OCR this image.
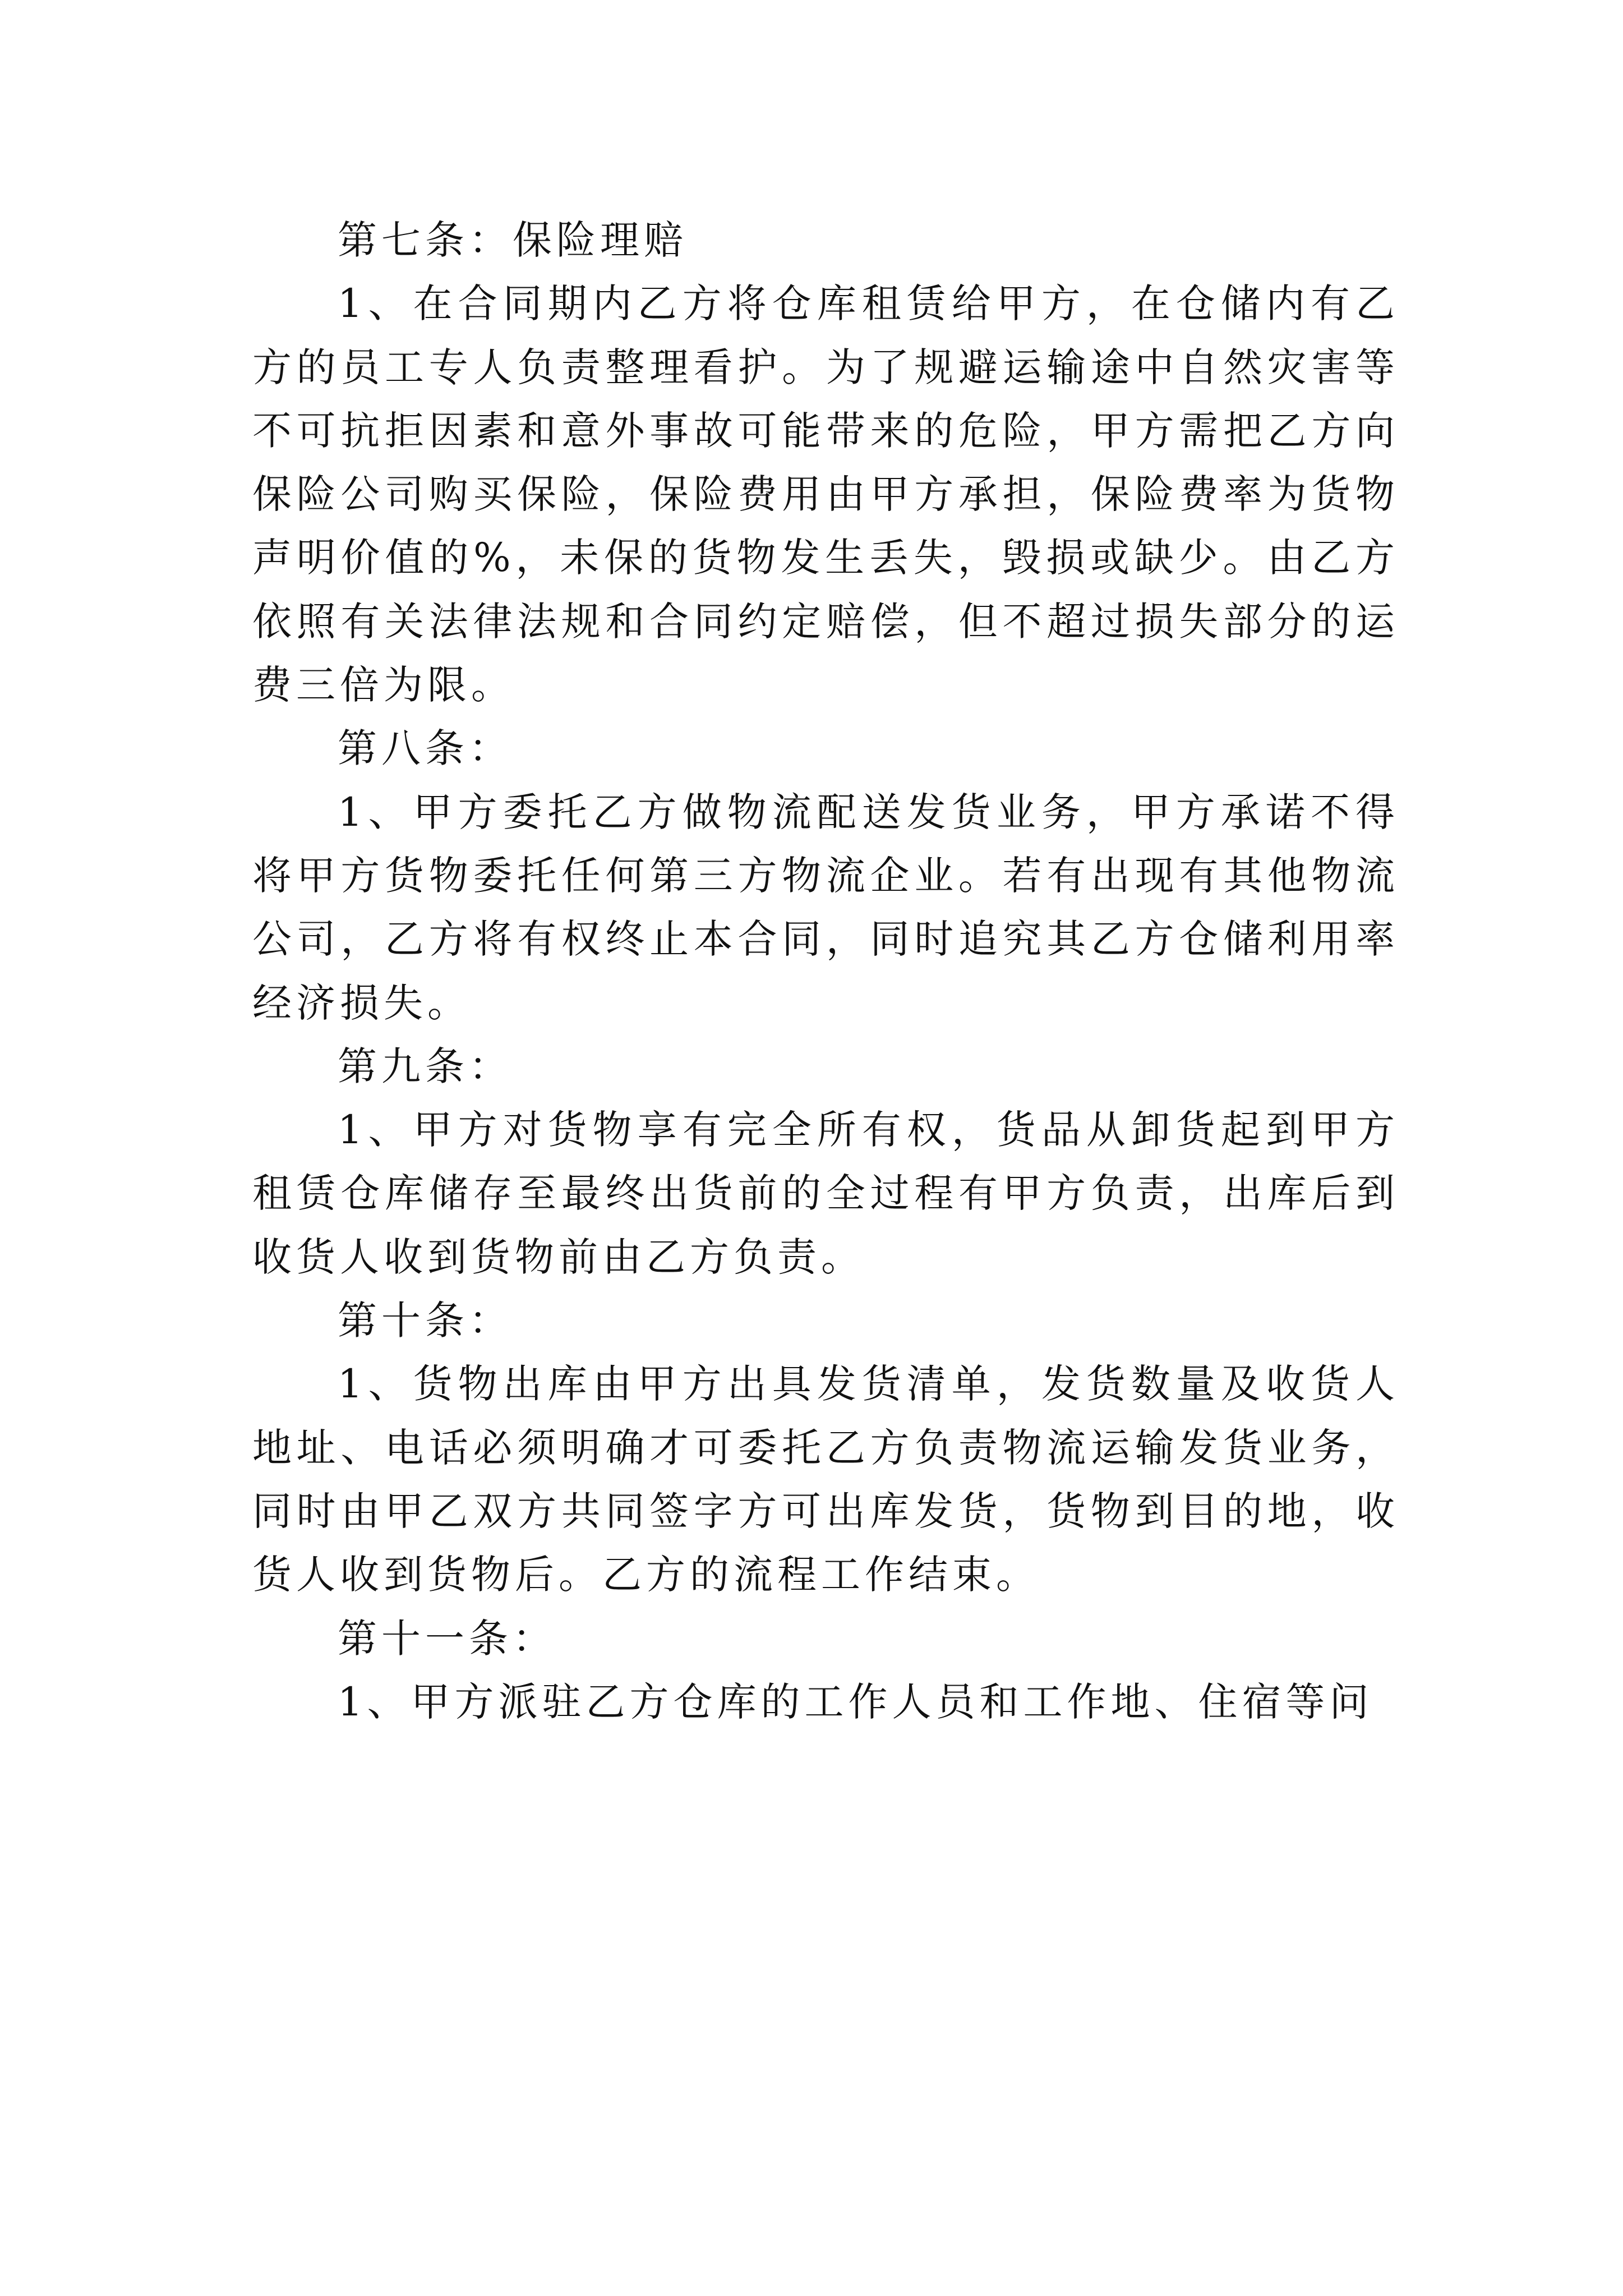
第七条：保险理赔

1、在合同期内乙方将仓库租赁给甲方，在仓储内有乙方的员工专人负责整理看护。为了规避运输途中自然灾害等不可抗拒因素和意外事故可能带来的危险，甲方需把乙方向保险公司购买保险，保险费用由甲方承担，保险费率为货物声明价值的%，未保的货物发生丢失，毁损或缺少。由乙方依照有关法律法规和合同约定赔偿，但不超过损失部分的运费三倍为限。

第八条：

1、甲方委托乙方做物流配送发货业务，甲方承诺不得将甲方货物委托任何第三方物流企业。若有出现有其他物流公司，乙方将有权终止本合同，同时追究其乙方仓储利用率经济损失。

第九条：

1、甲方对货物享有完全所有权，货品从卸货起到甲方租赁仓库储存至最终出货前的全过程有甲方负责，出库后到收货人收到货物前由乙方负责。

第十条：

1、货物出库由甲方出具发货清单，发货数量及收货人地址、电话必须明确才可委托乙方负责物流运输发货业务，同时由甲乙双方共同签字方可出库发货，货物到目的地，收货人收到货物后。乙方的流程工作结束。

第十一条：

1、甲方派驻乙方仓库的工作人员和工作地、住宿等问
